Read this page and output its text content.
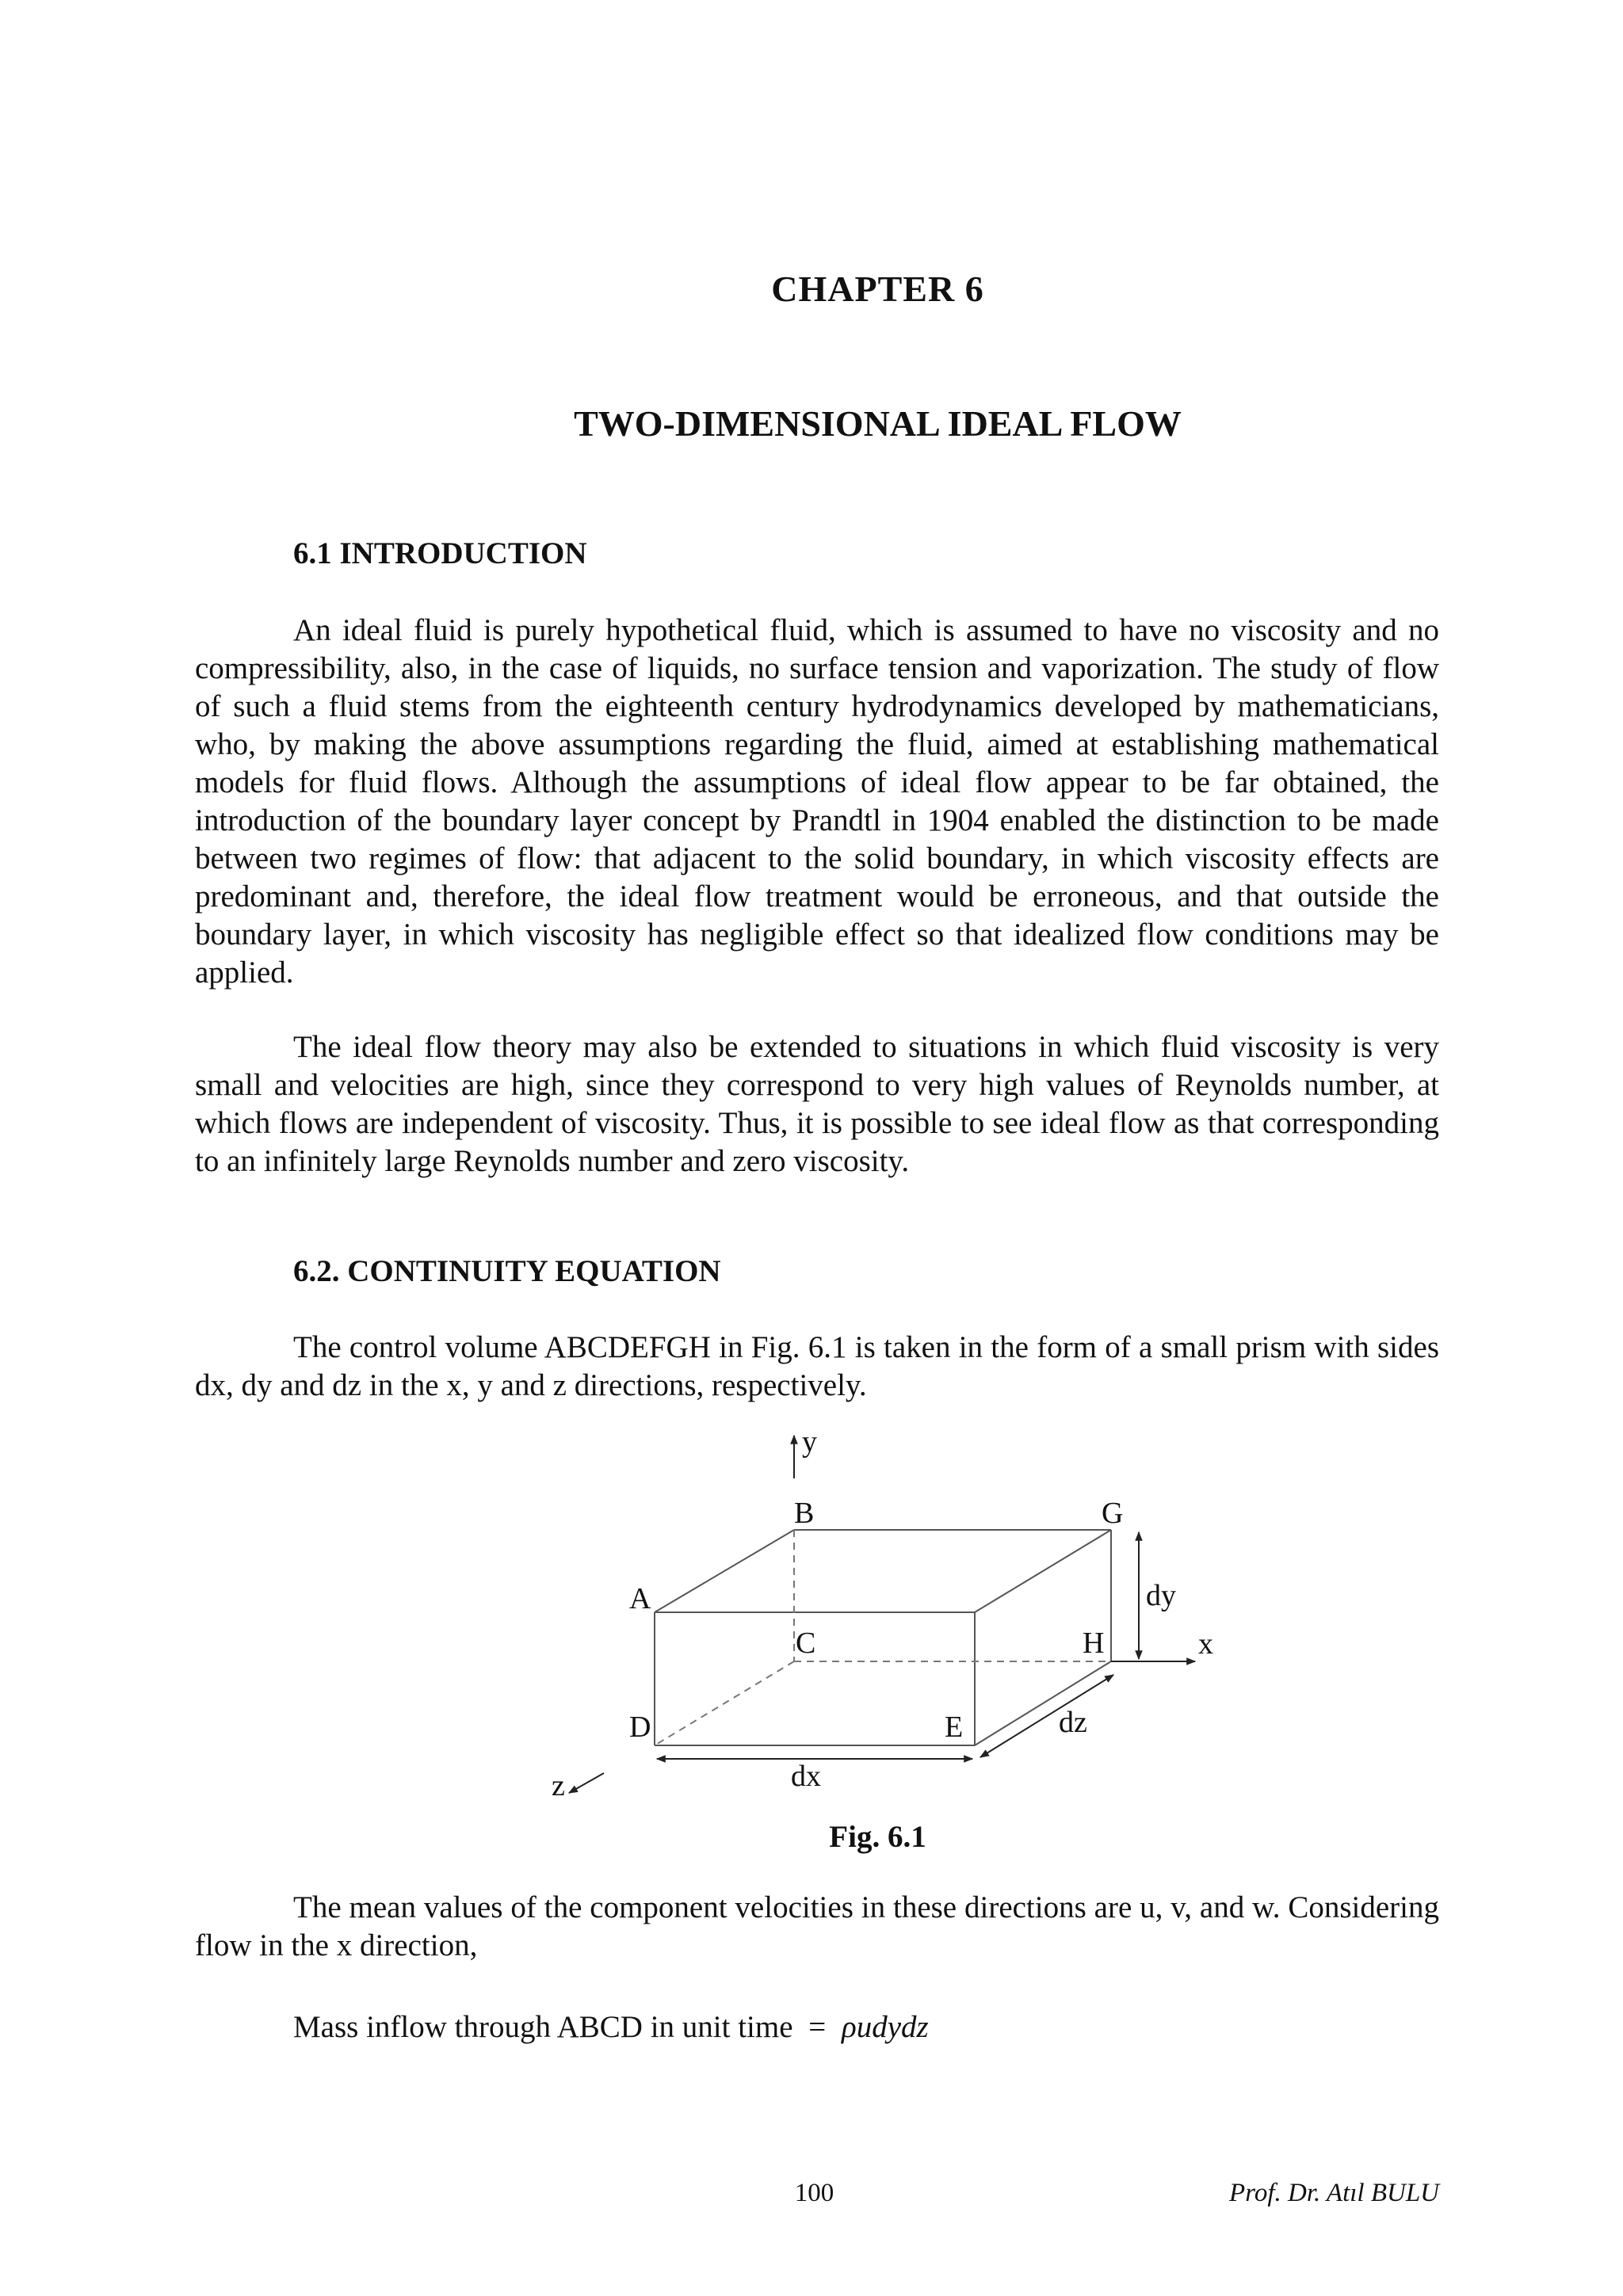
CHAPTER 6
TWO-DIMENSIONAL IDEAL FLOW
6.1 INTRODUCTION

An ideal fluid is purely hypothetical fluid, which is assumed to have no viscosity and no compressibility, also, in the case of liquids, no surface tension and vaporization. The study of flow of such a fluid stems from the eighteenth century hydrodynamics developed by mathematicians, who, by making the above assumptions regarding the fluid, aimed at establishing mathematical models for fluid flows. Although the assumptions of ideal flow appear to be far obtained, the introduction of the boundary layer concept by Prandtl in 1904 enabled the distinction to be made between two regimes of flow: that adjacent to the solid boundary, in which viscosity effects are predominant and, therefore, the ideal flow treatment would be erroneous, and that outside the boundary layer, in which viscosity has negligible effect so that idealized flow conditions may be applied.

The ideal flow theory may also be extended to situations in which fluid viscosity is very small and velocities are high, since they correspond to very high values of Reynolds number, at which flows are independent of viscosity. Thus, it is possible to see ideal flow as that corresponding to an infinitely large Reynolds number and zero viscosity.

6.2. CONTINUITY EQUATION

The control volume ABCDEFGH in Fig. 6.1 is taken in the form of a small prism with sides dx, dy and dz in the x, y and z directions, respectively.

y
B	G
A	dy
C	H	x
dz
D	E
z	dx
Fig. 6.1

The mean values of the component velocities in these directions are u, v, and w. Considering flow in the x direction,

Mass inflow through ABCD in unit time = ρudydz
100	Prof. Dr. Atıl BULU
